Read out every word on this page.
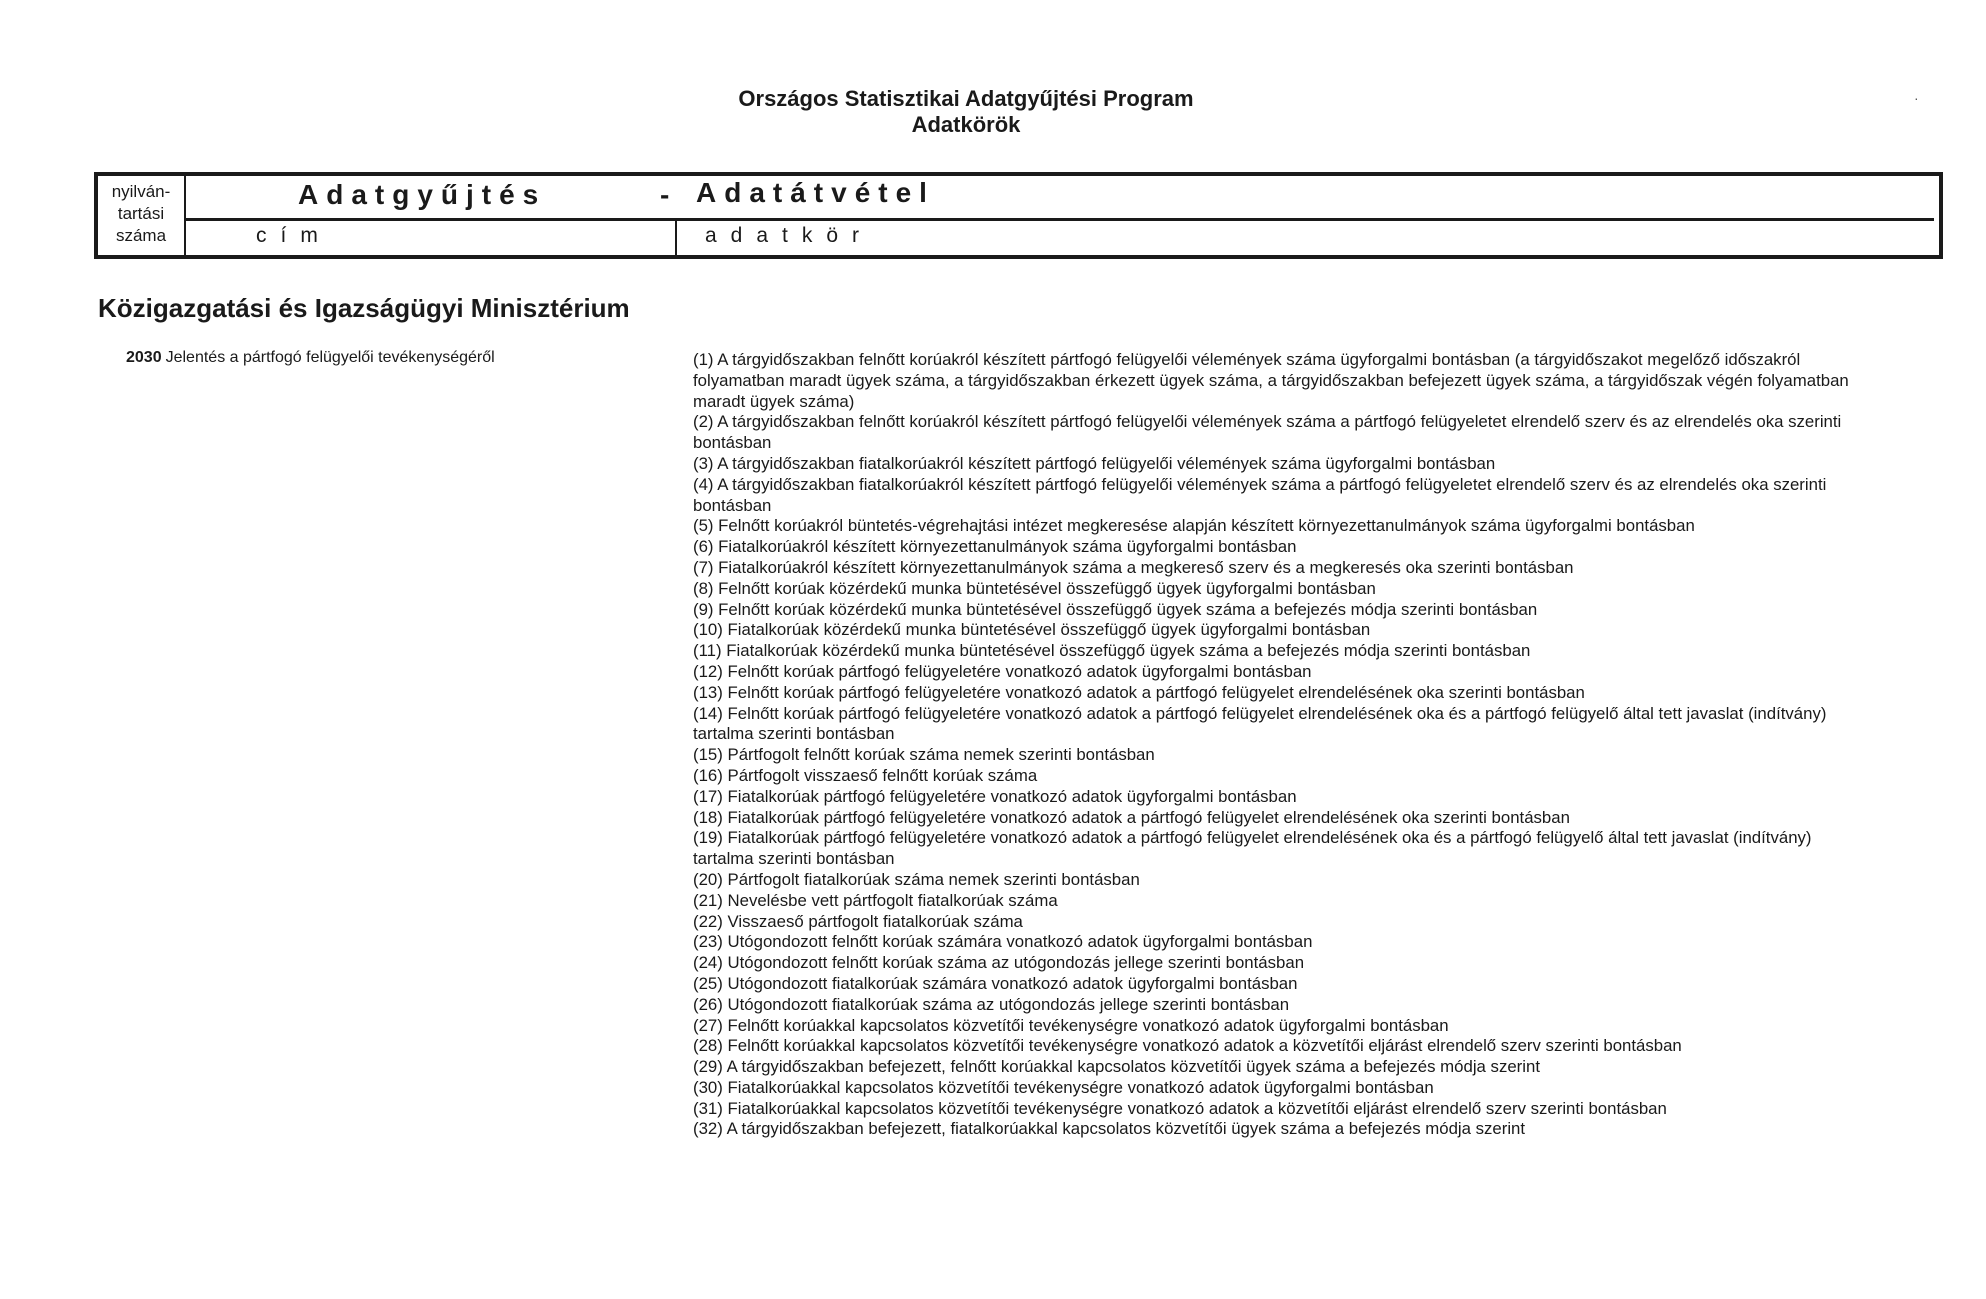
Országos Statisztikai Adatgyűjtési Program
Adatkörök
·
nyilván-
tartási
száma
Adatgyűjtés	- Adatátvétel
cím	adatkör
Közigazgatási és Igazságügyi Minisztérium
2030 Jelentés a pártfogó felügyelői tevékenységéről	(1) A tárgyidőszakban felnőtt korúakról készített pártfogó felügyelői vélemények száma ügyforgalmi bontásban (a tárgyidőszakot megelőző időszakról folyamatban maradt ügyek száma, a tárgyidőszakban érkezett ügyek száma, a tárgyidőszakban befejezett ügyek száma, a tárgyidőszak végén folyamatban maradt ügyek száma)

(2) A tárgyidőszakban felnőtt korúakról készített pártfogó felügyelői vélemények száma a pártfogó felügyeletet elrendelő szerv és az elrendelés oka szerinti bontásban

(3) A tárgyidőszakban fiatalkorúakról készített pártfogó felügyelői vélemények száma ügyforgalmi bontásban

(4) A tárgyidőszakban fiatalkorúakról készített pártfogó felügyelői vélemények száma a pártfogó felügyeletet elrendelő szerv és az elrendelés oka szerinti bontásban

(5) Felnőtt korúakról büntetés-végrehajtási intézet megkeresése alapján készített környezettanulmányok száma ügyforgalmi bontásban

(6) Fiatalkorúakról készített környezettanulmányok száma ügyforgalmi bontásban

(7) Fiatalkorúakról készített környezettanulmányok száma a megkereső szerv és a megkeresés oka szerinti bontásban

(8) Felnőtt korúak közérdekű munka büntetésével összefüggő ügyek ügyforgalmi bontásban

(9) Felnőtt korúak közérdekű munka büntetésével összefüggő ügyek száma a befejezés módja szerinti bontásban

(10) Fiatalkorúak közérdekű munka büntetésével összefüggő ügyek ügyforgalmi bontásban

(11) Fiatalkorúak közérdekű munka büntetésével összefüggő ügyek száma a befejezés módja szerinti bontásban

(12) Felnőtt korúak pártfogó felügyeletére vonatkozó adatok ügyforgalmi bontásban

(13) Felnőtt korúak pártfogó felügyeletére vonatkozó adatok a pártfogó felügyelet elrendelésének oka szerinti bontásban

(14) Felnőtt korúak pártfogó felügyeletére vonatkozó adatok a pártfogó felügyelet elrendelésének oka és a pártfogó felügyelő által tett javaslat (indítvány) tartalma szerinti bontásban

(15) Pártfogolt felnőtt korúak száma nemek szerinti bontásban

(16) Pártfogolt visszaeső felnőtt korúak száma

(17) Fiatalkorúak pártfogó felügyeletére vonatkozó adatok ügyforgalmi bontásban

(18) Fiatalkorúak pártfogó felügyeletére vonatkozó adatok a pártfogó felügyelet elrendelésének oka szerinti bontásban

(19) Fiatalkorúak pártfogó felügyeletére vonatkozó adatok a pártfogó felügyelet elrendelésének oka és a pártfogó felügyelő által tett javaslat (indítvány) tartalma szerinti bontásban

(20) Pártfogolt fiatalkorúak száma nemek szerinti bontásban

(21) Nevelésbe vett pártfogolt fiatalkorúak száma

(22) Visszaeső pártfogolt fiatalkorúak száma

(23) Utógondozott felnőtt korúak számára vonatkozó adatok ügyforgalmi bontásban

(24) Utógondozott felnőtt korúak száma az utógondozás jellege szerinti bontásban

(25) Utógondozott fiatalkorúak számára vonatkozó adatok ügyforgalmi bontásban

(26) Utógondozott fiatalkorúak száma az utógondozás jellege szerinti bontásban

(27) Felnőtt korúakkal kapcsolatos közvetítői tevékenységre vonatkozó adatok ügyforgalmi bontásban

(28) Felnőtt korúakkal kapcsolatos közvetítői tevékenységre vonatkozó adatok a közvetítői eljárást elrendelő szerv szerinti bontásban

(29) A tárgyidőszakban befejezett, felnőtt korúakkal kapcsolatos közvetítői ügyek száma a befejezés módja szerint

(30) Fiatalkorúakkal kapcsolatos közvetítői tevékenységre vonatkozó adatok ügyforgalmi bontásban

(31) Fiatalkorúakkal kapcsolatos közvetítői tevékenységre vonatkozó adatok a közvetítői eljárást elrendelő szerv szerinti bontásban

(32) A tárgyidőszakban befejezett, fiatalkorúakkal kapcsolatos közvetítői ügyek száma a befejezés módja szerint
